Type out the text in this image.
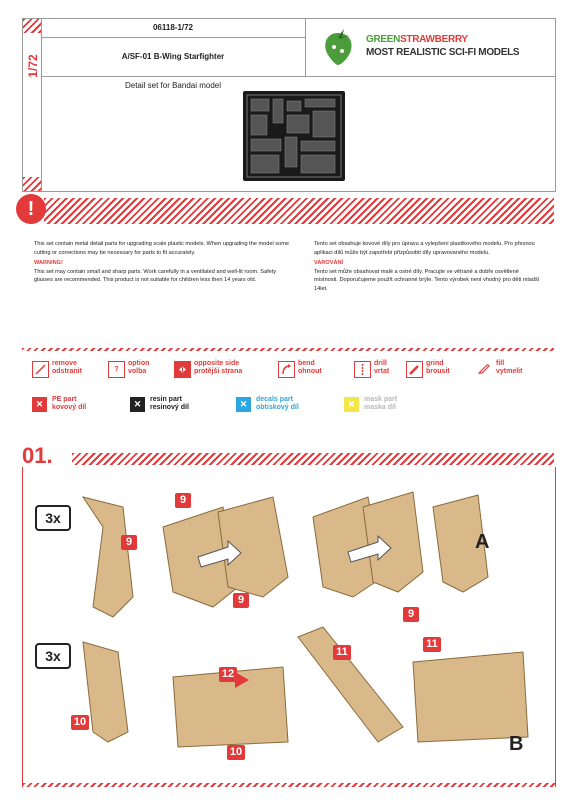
1/72
06118-1/72
A/SF-01 B-Wing Starfighter
Detail set for Bandai model
GREENSTRAWBERRY
MOST REALISTIC SCI-FI MODELS
!
This set contain metal detail parts for upgrading scale plastic models. When upgrading the model some cutting or corrections may be necessary for parts to fit accurately.
WARNING!
This set may contain small and sharp parts. Work carefully in a ventilated and well-lit room. Safety glasses are recommended. This product is not suitable for children less then 14 years old.
Tento set obsahuje kovové díly pro úpravu a vylepšení plastikového modelu. Pro přesnou aplikaci dílů může být zapotřebí přizpůsobit díly upravovaného modelu.
VAROVÁNÍ
Tento set může obsahovat malé a ostré díly. Pracujte ve větrané a dobře osvětlené místnosti. Doporučujeme použít ochranné brýle. Tento výrobek není vhodný pro děti mladší 14let.
remove
odstranit	?
option
volba
opposite side
protější strana
bend
ohnout
drill
vrtat
grind
brousit
fill
vytmelit
✕	PE part
kovový díl	✕	resin part
resinový díl	✕	decals part
obtiskový díl	✕	mask part
maska díl
01.
3x
3x
9
9
9
9
11
11
12
10
10
A
B
